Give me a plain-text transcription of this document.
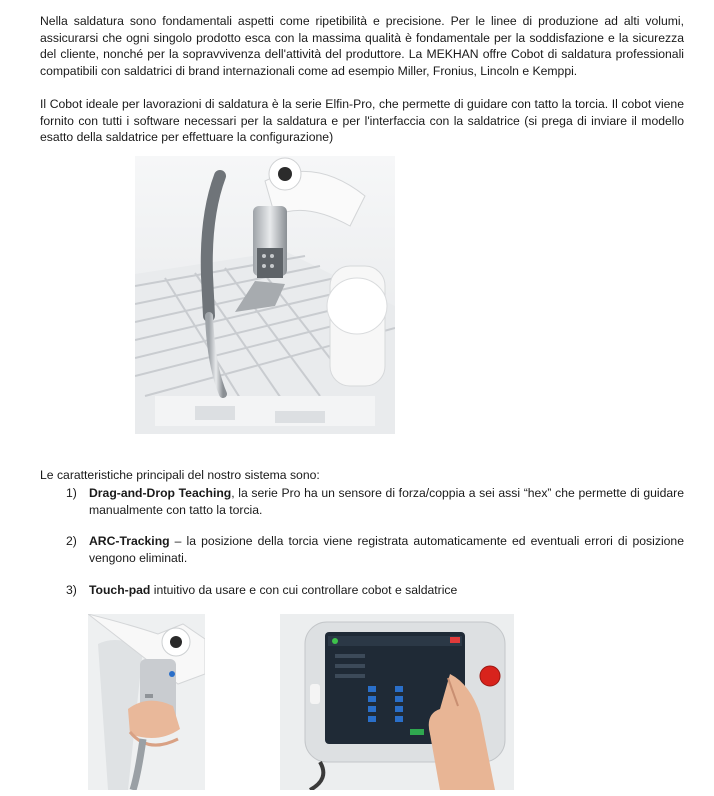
Nella saldatura sono fondamentali aspetti come ripetibilità e precisione. Per le linee di produzione ad alti volumi, assicurarsi che ogni singolo prodotto esca con la massima qualità è fondamentale per la soddisfazione e la sicurezza del cliente, nonché per la sopravvivenza dell'attività del produttore. La MEKHAN offre Cobot di saldatura professionali compatibili con saldatrici di brand internazionali come ad esempio Miller, Fronius, Lincoln e Kemppi.

Il Cobot ideale per lavorazioni di saldatura è la serie Elfin-Pro, che permette di guidare con tatto la torcia. Il cobot viene fornito con tutti i software necessari per la saldatura e per l'interfaccia con la saldatrice (si prega di inviare il modello esatto della saldatrice per effettuare la configurazione)

Le caratteristiche principali del nostro sistema sono:

1) Drag-and-Drop Teaching, la serie Pro ha un sensore di forza/coppia a sei assi “hex” che permette di guidare manualmente con tatto la torcia.
2) ARC-Tracking – la posizione della torcia viene registrata automaticamente ed eventuali errori di posizione vengono eliminati.
3) Touch-pad intuitivo da usare e con cui controllare cobot e saldatrice
